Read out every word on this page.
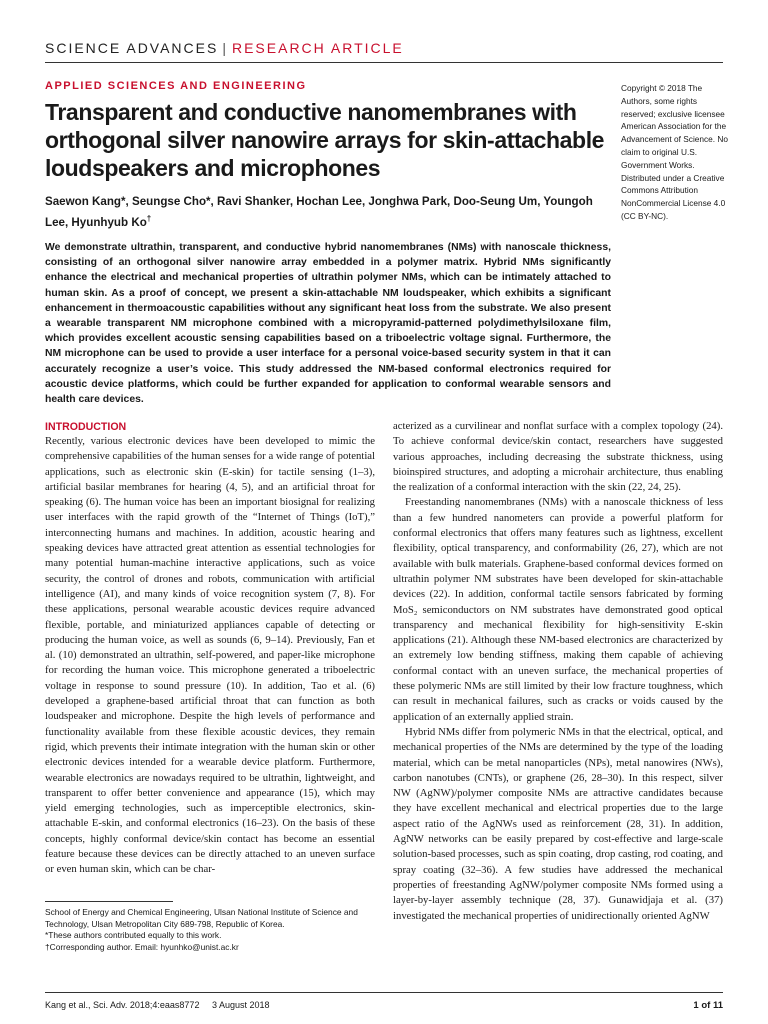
SCIENCE ADVANCES | RESEARCH ARTICLE
APPLIED SCIENCES AND ENGINEERING
Transparent and conductive nanomembranes with orthogonal silver nanowire arrays for skin-attachable loudspeakers and microphones
Saewon Kang*, Seungse Cho*, Ravi Shanker, Hochan Lee, Jonghwa Park, Doo-Seung Um, Youngoh Lee, Hyunhyub Ko†
Copyright © 2018 The Authors, some rights reserved; exclusive licensee American Association for the Advancement of Science. No claim to original U.S. Government Works. Distributed under a Creative Commons Attribution NonCommercial License 4.0 (CC BY-NC).

We demonstrate ultrathin, transparent, and conductive hybrid nanomembranes (NMs) with nanoscale thickness, consisting of an orthogonal silver nanowire array embedded in a polymer matrix. Hybrid NMs significantly enhance the electrical and mechanical properties of ultrathin polymer NMs, which can be intimately attached to human skin. As a proof of concept, we present a skin-attachable NM loudspeaker, which exhibits a significant enhancement in thermoacoustic capabilities without any significant heat loss from the substrate. We also present a wearable transparent NM microphone combined with a micropyramid-patterned polydimethylsiloxane film, which provides excellent acoustic sensing capabilities based on a triboelectric voltage signal. Furthermore, the NM microphone can be used to provide a user interface for a personal voice-based security system in that it can accurately recognize a user’s voice. This study addressed the NM-based conformal electronics required for acoustic device platforms, which could be further expanded for application to conformal wearable sensors and health care devices.

INTRODUCTION

Recently, various electronic devices have been developed to mimic the comprehensive capabilities of the human senses for a wide range of potential applications, such as electronic skin (E-skin) for tactile sensing (1–3), artificial basilar membranes for hearing (4, 5), and an artificial throat for speaking (6). The human voice has been an important biosignal for realizing user interfaces with the rapid growth of the “Internet of Things (IoT),” interconnecting humans and machines. In addition, acoustic hearing and speaking devices have attracted great attention as essential technologies for many potential human-machine interactive applications, such as voice security, the control of drones and robots, communication with artificial intelligence (AI), and many kinds of voice recognition system (7, 8). For these applications, personal wearable acoustic devices require advanced flexible, portable, and miniaturized appliances capable of detecting or producing the human voice, as well as sounds (6, 9–14). Previously, Fan et al. (10) demonstrated an ultrathin, self-powered, and paper-like microphone for recording the human voice. This microphone generated a triboelectric voltage in response to sound pressure (10). In addition, Tao et al. (6) developed a graphene-based artificial throat that can function as both loudspeaker and microphone. Despite the high levels of performance and functionality available from these flexible acoustic devices, they remain rigid, which prevents their intimate integration with the human skin or other electronic devices intended for a wearable device platform. Furthermore, wearable electronics are nowadays required to be ultrathin, lightweight, and transparent to offer better convenience and appearance (15), which may yield emerging technologies, such as imperceptible electronics, skin-attachable E-skin, and conformal electronics (16–23). On the basis of these concepts, highly conformal device/skin contact has become an essential feature because these devices can be directly attached to an uneven surface or even human skin, which can be char-

acterized as a curvilinear and nonflat surface with a complex topology (24). To achieve conformal device/skin contact, researchers have suggested various approaches, including decreasing the substrate thickness, using bioinspired structures, and adopting a microhair architecture, thus enabling the realization of a conformal interaction with the skin (22, 24, 25).

Freestanding nanomembranes (NMs) with a nanoscale thickness of less than a few hundred nanometers can provide a powerful platform for conformal electronics that offers many features such as lightness, excellent flexibility, optical transparency, and conformability (26, 27), which are not available with bulk materials. Graphene-based conformal devices formed on ultrathin polymer NM substrates have been developed for skin-attachable devices (22). In addition, conformal tactile sensors fabricated by forming MoS₂ semiconductors on NM substrates have demonstrated good optical transparency and mechanical flexibility for high-sensitivity E-skin applications (21). Although these NM-based electronics are characterized by an extremely low bending stiffness, making them capable of achieving conformal contact with an uneven surface, the mechanical properties of these polymeric NMs are still limited by their low fracture toughness, which can result in mechanical failures, such as cracks or voids caused by the application of an externally applied strain.

Hybrid NMs differ from polymeric NMs in that the electrical, optical, and mechanical properties of the NMs are determined by the type of the loading material, which can be metal nanoparticles (NPs), metal nanowires (NWs), carbon nanotubes (CNTs), or graphene (26, 28–30). In this respect, silver NW (AgNW)/polymer composite NMs are attractive candidates because they have excellent mechanical and electrical properties due to the large aspect ratio of the AgNWs used as reinforcement (28, 31). In addition, AgNW networks can be easily prepared by cost-effective and large-scale solution-based processes, such as spin coating, drop casting, rod coating, and spray coating (32–36). A few studies have addressed the mechanical properties of freestanding AgNW/polymer composite NMs formed using a layer-by-layer assembly technique (28, 37). Gunawidjaja et al. (37) investigated the mechanical properties of unidirectionally oriented AgNW

School of Energy and Chemical Engineering, Ulsan National Institute of Science and Technology, Ulsan Metropolitan City 689-798, Republic of Korea.
*These authors contributed equally to this work.
†Corresponding author. Email: hyunhko@unist.ac.kr
Kang et al., Sci. Adv. 2018;4:eaas8772     3 August 2018	1 of 11
